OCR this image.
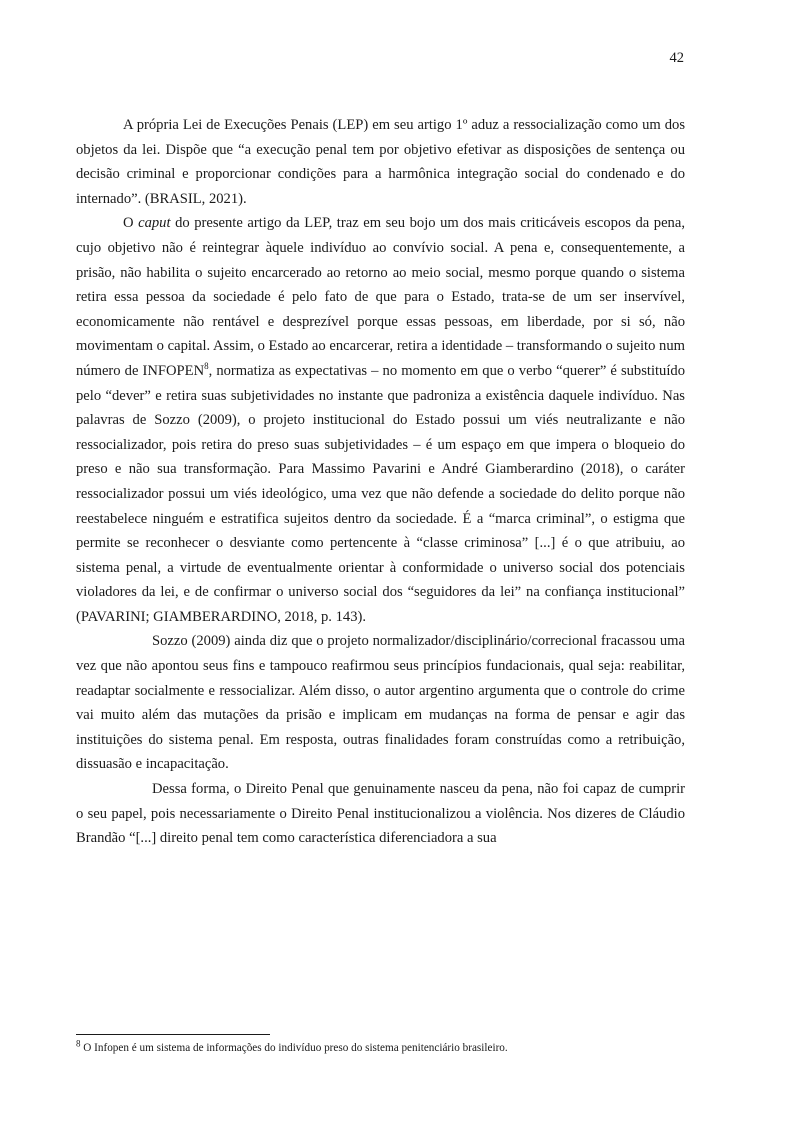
42

A própria Lei de Execuções Penais (LEP) em seu artigo 1º aduz a ressocialização como um dos objetos da lei. Dispõe que “a execução penal tem por objetivo efetivar as disposições de sentença ou decisão criminal e proporcionar condições para a harmônica integração social do condenado e do internado”. (BRASIL, 2021).

O caput do presente artigo da LEP, traz em seu bojo um dos mais criticáveis escopos da pena, cujo objetivo não é reintegrar àquele indivíduo ao convívio social. A pena e, consequentemente, a prisão, não habilita o sujeito encarcerado ao retorno ao meio social, mesmo porque quando o sistema retira essa pessoa da sociedade é pelo fato de que para o Estado, trata-se de um ser inservível, economicamente não rentável e desprezível porque essas pessoas, em liberdade, por si só, não movimentam o capital. Assim, o Estado ao encarcerar, retira a identidade – transformando o sujeito num número de INFOPEN$^8$, normatiza as expectativas – no momento em que o verbo “querer” é substituído pelo “dever” e retira suas subjetividades no instante que padroniza a existência daquele indivíduo. Nas palavras de Sozzo (2009), o projeto institucional do Estado possui um viés neutralizante e não ressocializador, pois retira do preso suas subjetividades – é um espaço em que impera o bloqueio do preso e não sua transformação. Para Massimo Pavarini e André Giamberardino (2018), o caráter ressocializador possui um viés ideológico, uma vez que não defende a sociedade do delito porque não reestabelece ninguém e estratifica sujeitos dentro da sociedade. É a “marca criminal”, o estigma que permite se reconhecer o desviante como pertencente à “classe criminosa” [...] é o que atribuiu, ao sistema penal, a virtude de eventualmente orientar à conformidade o universo social dos potenciais violadores da lei, e de confirmar o universo social dos “seguidores da lei” na confiança institucional” (PAVARINI; GIAMBERARDINO, 2018, p. 143).

Sozzo (2009) ainda diz que o projeto normalizador/disciplinário/correcional fracassou uma vez que não apontou seus fins e tampouco reafirmou seus princípios fundacionais, qual seja: reabilitar, readaptar socialmente e ressocializar. Além disso, o autor argentino argumenta que o controle do crime vai muito além das mutações da prisão e implicam em mudanças na forma de pensar e agir das instituições do sistema penal. Em resposta, outras finalidades foram construídas como a retribuição, dissuasão e incapacitação.

Dessa forma, o Direito Penal que genuinamente nasceu da pena, não foi capaz de cumprir o seu papel, pois necessariamente o Direito Penal institucionalizou a violência. Nos dizeres de Cláudio Brandão “[...] direito penal tem como característica diferenciadora a sua

$^8$ O Infopen é um sistema de informações do indivíduo preso do sistema penitenciário brasileiro.
